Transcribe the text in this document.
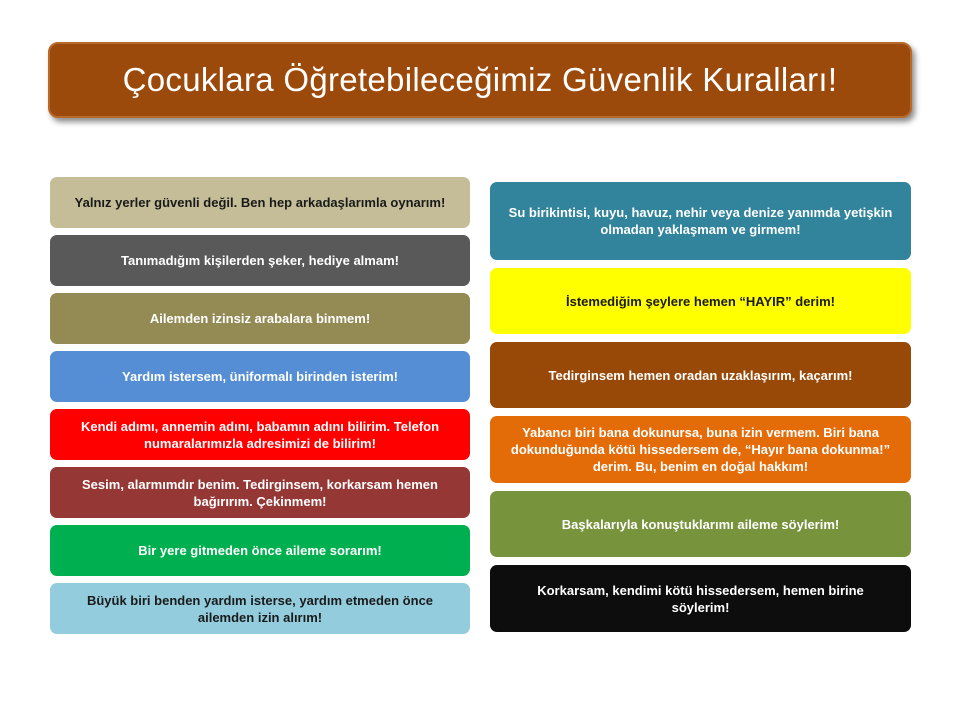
Çocuklara Öğretebileceğimiz Güvenlik Kuralları!
Yalnız yerler güvenli değil. Ben hep arkadaşlarımla oynarım!
Tanımadığım kişilerden şeker, hediye almam!
Ailemden izinsiz arabalara binmem!
Yardım istersem, üniformalı birinden isterim!
Kendi adımı, annemin adını, babamın adını bilirim. Telefon numaralarımızla adresimizi de bilirim!
Sesim, alarmımdır benim. Tedirginsem, korkarsam hemen bağırırım. Çekinmem!
Bir yere gitmeden önce aileme sorarım!
Büyük biri benden yardım isterse, yardım etmeden önce ailemden izin alırım!
Su birikintisi, kuyu, havuz, nehir veya denize yanımda yetişkin olmadan yaklaşmam ve girmem!
İstemediğim şeylere hemen “HAYIR” derim!
Tedirginsem hemen oradan uzaklaşırım, kaçarım!
Yabancı biri bana dokunursa, buna izin vermem. Biri bana dokunduğunda kötü hissedersem de, “Hayır bana dokunma!” derim. Bu, benim en doğal hakkım!
Başkalarıyla konuştuklarımı aileme söylerim!
Korkarsam, kendimi kötü hissedersem, hemen birine söylerim!
